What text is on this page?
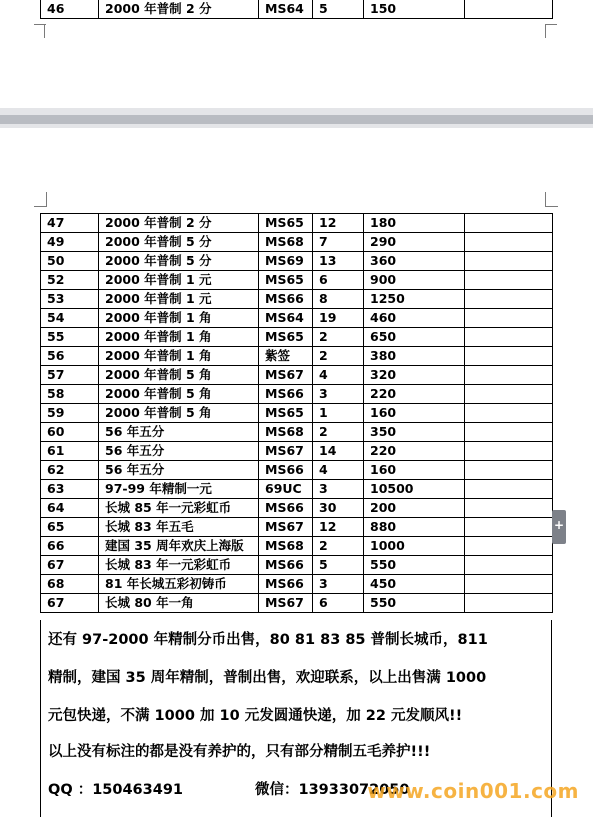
46	2000 年普制 2 分	MS64	5	150	
47	2000 年普制 2 分	MS65	12	180	
49	2000 年普制 5 分	MS68	7	290	
50	2000 年普制 5 分	MS69	13	360	
52	2000 年普制 1 元	MS65	6	900	
53	2000 年普制 1 元	MS66	8	1250	
54	2000 年普制 1 角	MS64	19	460	
55	2000 年普制 1 角	MS65	2	650	
56	2000 年普制 1 角	紫签	2	380	
57	2000 年普制 5 角	MS67	4	320	
58	2000 年普制 5 角	MS66	3	220	
59	2000 年普制 5 角	MS65	1	160	
60	56 年五分	MS68	2	350	
61	56 年五分	MS67	14	220	
62	56 年五分	MS66	4	160	
63	97-99 年精制一元	69UC	3	10500	
64	长城 85 年一元彩虹币	MS66	30	200	
65	长城 83 年五毛	MS67	12	880	
66	建国 35 周年欢庆上海版	MS68	2	1000	
67	长城 83 年一元彩虹币	MS66	5	550	
68	81 年长城五彩初铸币	MS66	3	450	
67	长城 80 年一角	MS67	6	550	

还有 97-2000 年精制分币出售，80 81 83 85 普制长城币，811

精制，建国 35 周年精制，普制出售，欢迎联系，以上出售满 1000

元包快递，不满 1000 加 10 元发圆通快递，加 22 元发顺风!!

以上没有标注的都是没有养护的，只有部分精制五毛养护!!!

QQ ：150463491	微信：13933072050

www.coin001.com
+
